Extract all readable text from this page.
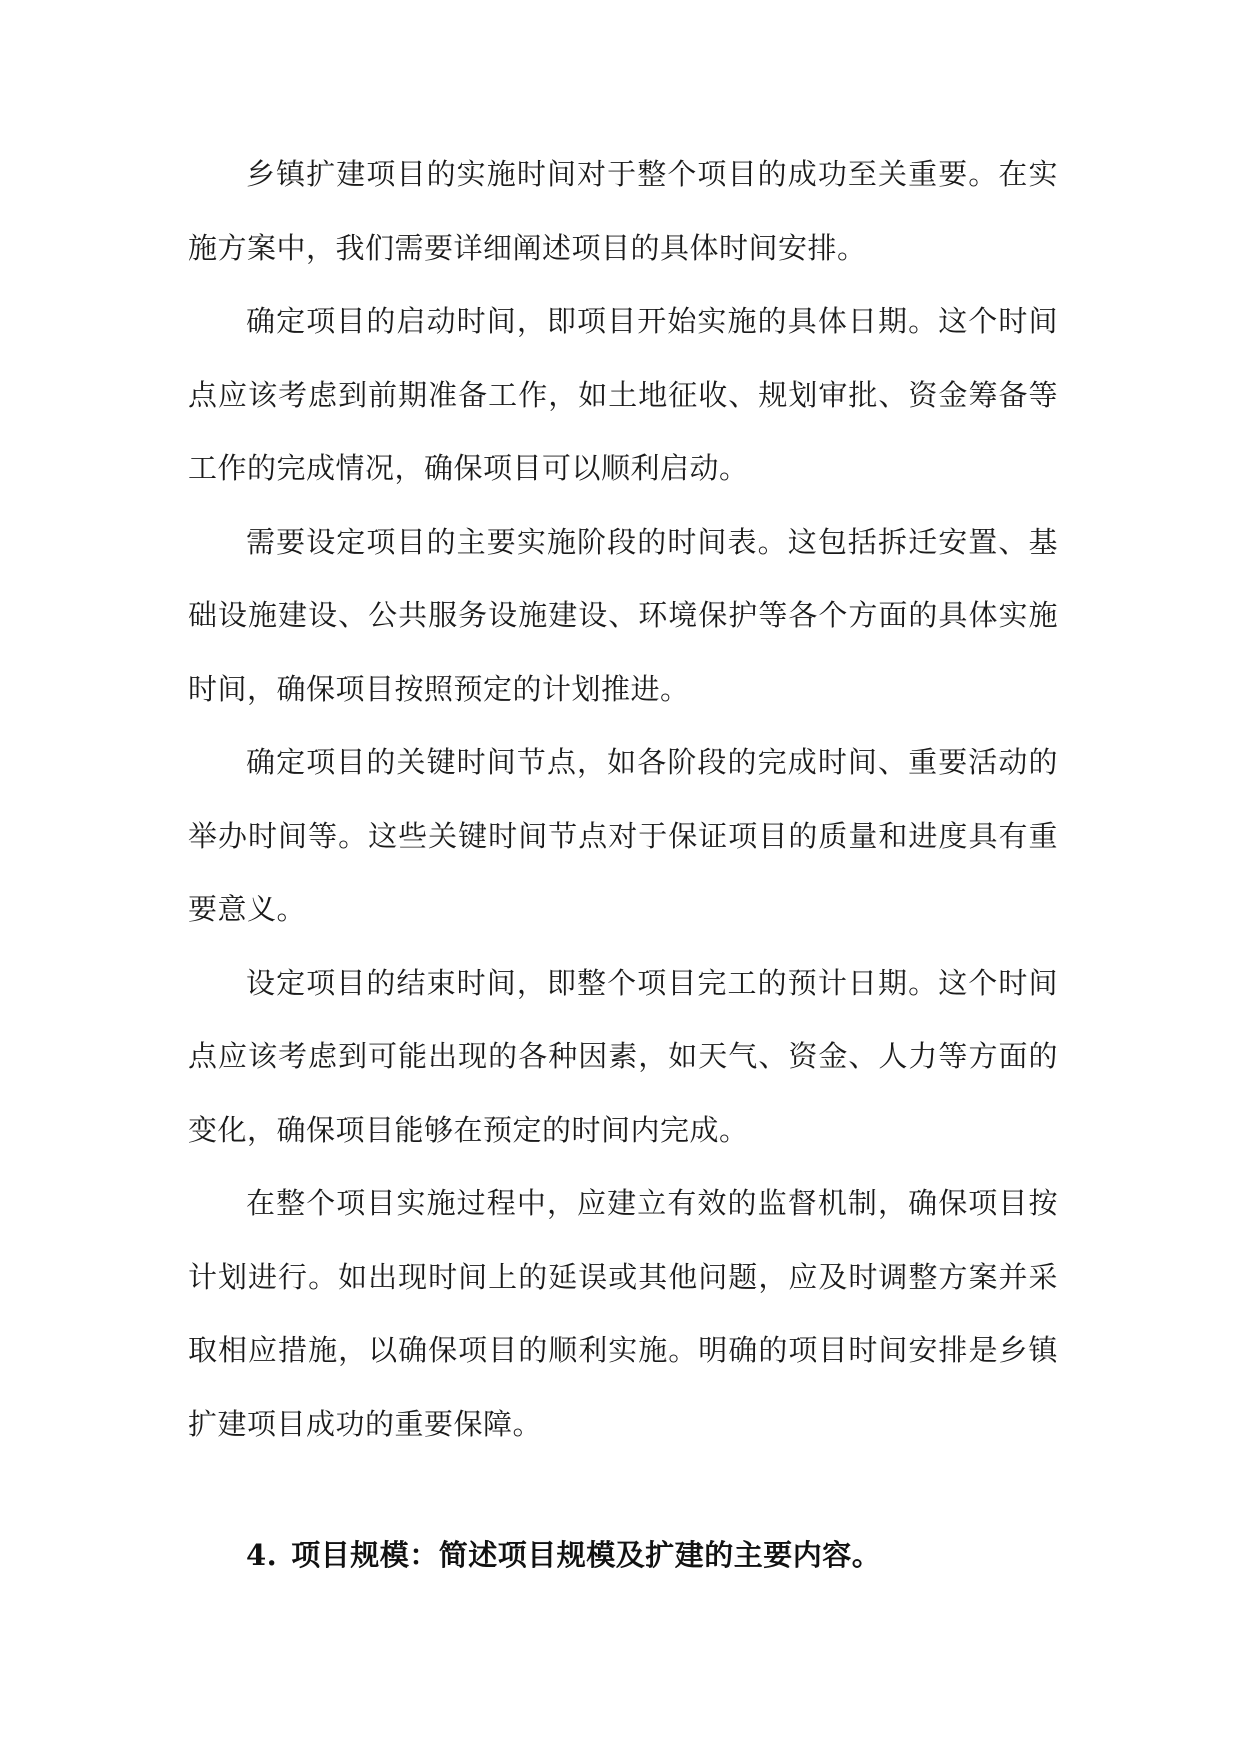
乡镇扩建项目的实施时间对于整个项目的成功至关重要。在实施方案中，我们需要详细阐述项目的具体时间安排。

确定项目的启动时间，即项目开始实施的具体日期。这个时间点应该考虑到前期准备工作，如土地征收、规划审批、资金筹备等工作的完成情况，确保项目可以顺利启动。

需要设定项目的主要实施阶段的时间表。这包括拆迁安置、基础设施建设、公共服务设施建设、环境保护等各个方面的具体实施时间，确保项目按照预定的计划推进。

确定项目的关键时间节点，如各阶段的完成时间、重要活动的举办时间等。这些关键时间节点对于保证项目的质量和进度具有重要意义。

设定项目的结束时间，即整个项目完工的预计日期。这个时间点应该考虑到可能出现的各种因素，如天气、资金、人力等方面的变化，确保项目能够在预定的时间内完成。

在整个项目实施过程中，应建立有效的监督机制，确保项目按计划进行。如出现时间上的延误或其他问题，应及时调整方案并采取相应措施，以确保项目的顺利实施。明确的项目时间安排是乡镇扩建项目成功的重要保障。

4. 项目规模：简述项目规模及扩建的主要内容。
